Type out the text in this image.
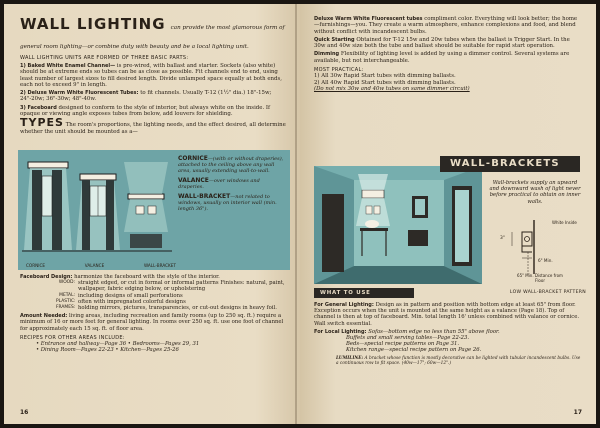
WALL LIGHTING can provide the most glamorous form of general room lighting—or combine duty with beauty and be a local lighting unit.
WALL LIGHTING UNITS ARE FORMED OF THREE BASIC PARTS:
1) Baked White Enamel Channel— is pre-wired, with ballast and starter. Sockets (also white) should be at extreme ends so tubes can be as close as possible. Fit channels end to end, using least number of largest sizes to fill desired length. Divide unlamped space equally at both ends, each not to exceed 9" in length.
2) Deluxe Warm White Fluorescent Tubes: to fit channels. Usually T-12 (1½" dia.) 18"-15w; 24"-20w; 36"-30w; 48"-40w.
3) Faceboard designed to conform to the style of interior, but always white on the inside. If opaque or viewing angle exposes tubes from below, add louvers for shielding.
TYPES The room's proportions, the lighting needs, and the effect desired, all determine whether the unit should be mounted as a—
CORNICE	VALANCE	WALL-BRACKET
CORNICE—(with or without draperies), attached to the ceiling above any wall area, usually extending wall-to-wall.
VALANCE—over windows and draperies.
WALL-BRACKET—not related to windows, usually on interior wall (min. length 36").
Faceboard Design: harmonize the faceboard with the style of the interior.
WOOD: straight edged, or cut in formal or informal patterns Finishes: natural, paint, wallpaper, fabric edging below, or upholstering
METAL: including designs of small perforations
PLASTIC: often with impregnated colorful designs
FRAMES: holding mirrors, pictures, transparencies, or cut-out designs in heavy foil.
Amount Needed: living areas, including recreation and family rooms (up to 250 sq. ft.) require a minimum of 16 or more feet for general lighting. In rooms over 250 sq. ft. use one foot of channel for approximately each 15 sq. ft. of floor area.
RECIPES FOR OTHER AREAS INCLUDE:
• Entrance and hallway—Page 36 • Bedrooms—Pages 29, 31
• Dining Room—Pages 22-23 • Kitchen—Pages 25-26
16
Deluxe Warm White Fluorescent tubes compliment color. Everything will look better; the home—furnishings—you. They create a warm atmosphere, enhance complexions and food, and blend without conflict with incandescent bulbs.
Quick Starting Obtained for T-12 15w and 20w tubes when the ballast is Trigger Start. In the 30w and 40w size both the tube and ballast should be suitable for rapid start operation.
Dimming Flexibility of lighting level is added by using a dimmer control. Several systems are available, but not interchangeable.
MOST PRACTICAL:
1) All 30w Rapid Start tubes with dimming ballasts.
2) All 40w Rapid Start tubes with dimming ballasts.
(Do not mix 30w and 40w tubes on same dimmer circuit)
WALL-BRACKETS
Wall-brackets supply an upward and downward wash of light never before practical to obtain on inner walls.
White Inside
3"
6" Min.
65" Min. Distance from Floor
LOW WALL-BRACKET PATTERN
WHAT TO USE
For General Lighting: Design as in pattern and position with bottom edge at least 65" from floor. Exception occurs when the unit is mounted at the same height as a valance (Page 18). Top of channel is then at top of faceboard. Min. total length 16' unless combined with valance or cornice. Wall switch essential.
For Local Lighting: Sofas—bottom edge no less than 55" above floor.
Buffets and small serving tables—Page 22-23.
Beds—special recipe patterns on Page 31.
Kitchen range—special recipe pattern on Page 26.
LUMILINE: A bracket whose function is mostly decorative can be lighted with tubular incandescent bulbs. Use a continuous row to fit space. (40w—17"; 60w—12".)
17
